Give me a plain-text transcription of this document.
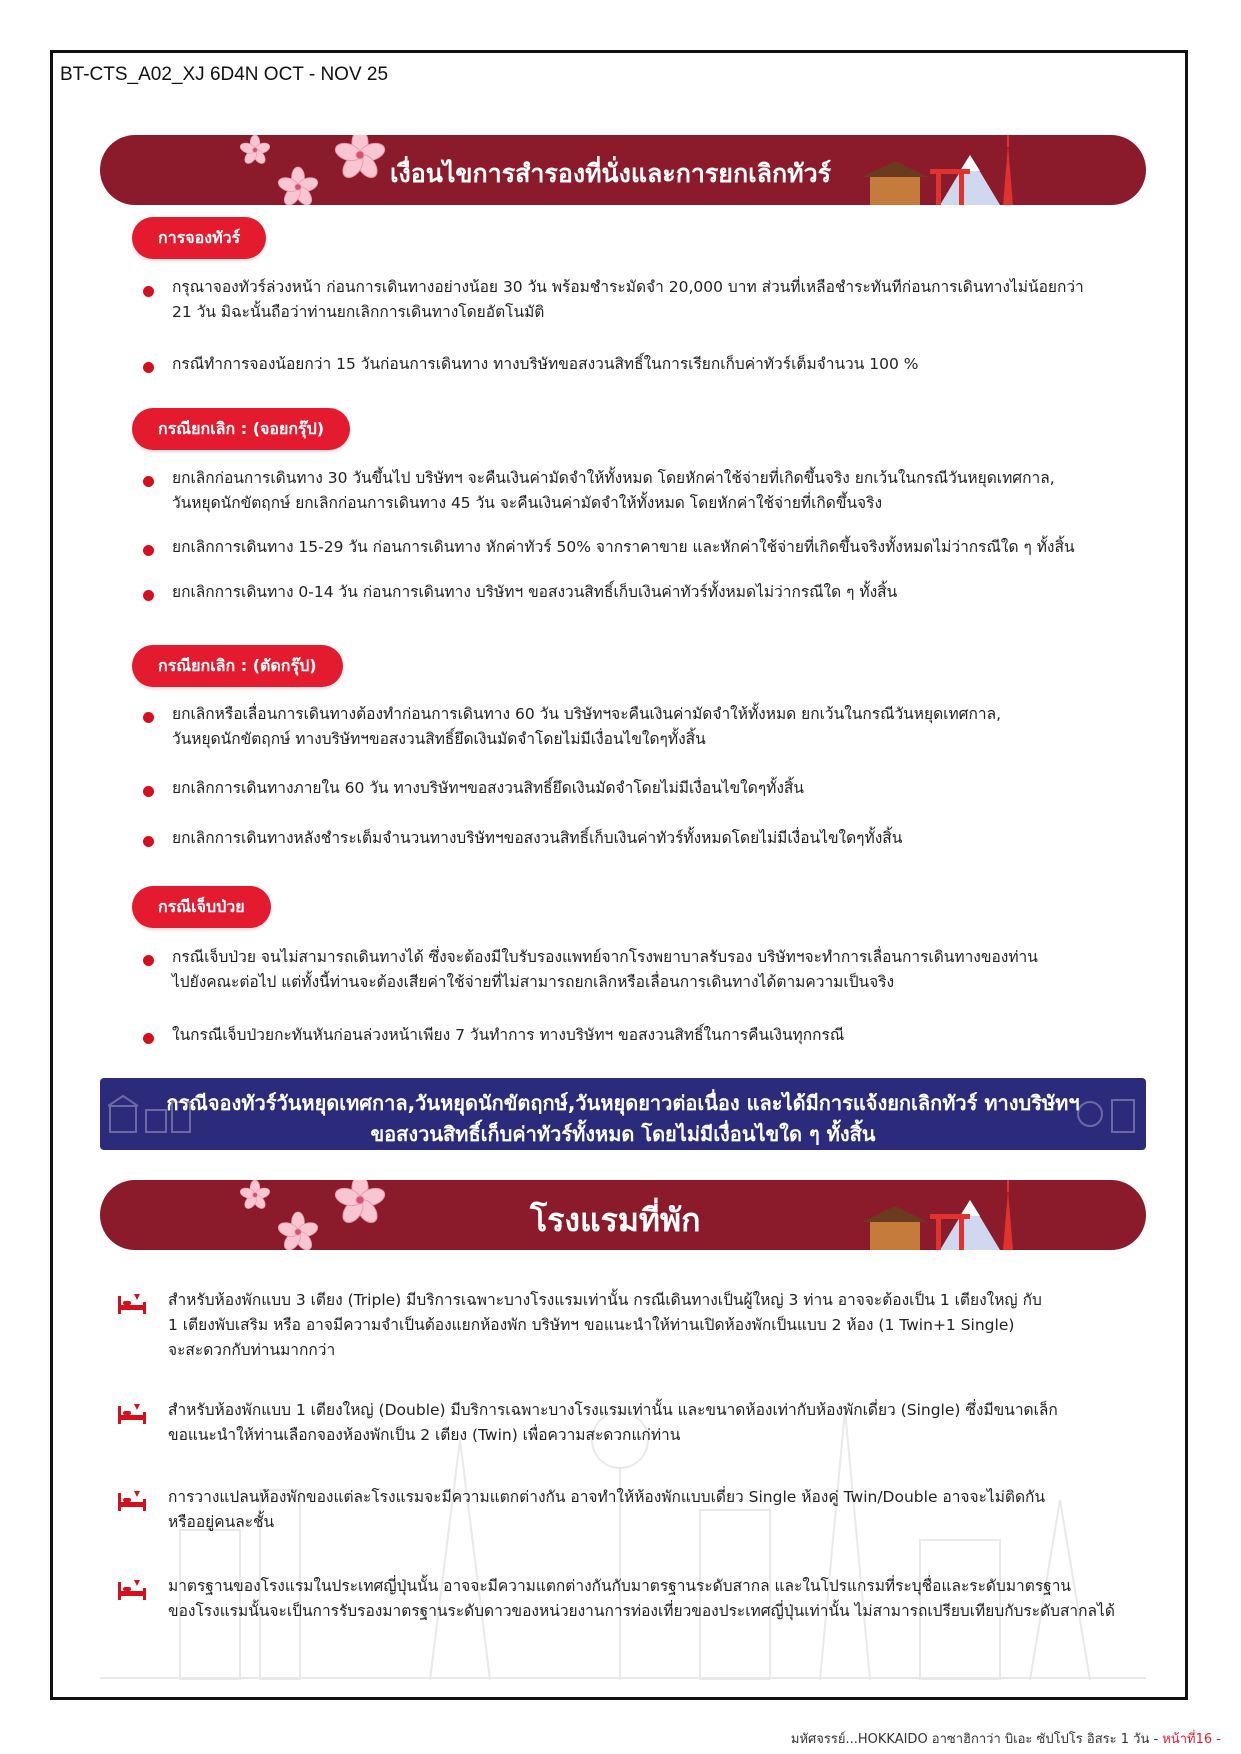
BT-CTS_A02_XJ 6D4N OCT - NOV 25
เงื่อนไขการสำรองที่นั่งและการยกเลิกทัวร์
การจองทัวร์

กรุณาจองทัวร์ล่วงหน้า ก่อนการเดินทางอย่างน้อย 30 วัน พร้อมชำระมัดจำ 20,000 บาท ส่วนที่เหลือชำระทันทีก่อนการเดินทางไม่น้อยกว่า

21 วัน มิฉะนั้นถือว่าท่านยกเลิกการเดินทางโดยอัตโนมัติ

กรณีทำการจองน้อยกว่า 15 วันก่อนการเดินทาง ทางบริษัทขอสงวนสิทธิ์ในการเรียกเก็บค่าทัวร์เต็มจำนวน 100 %

กรณียกเลิก : (จอยกรุ๊ป)

ยกเลิกก่อนการเดินทาง 30 วันขึ้นไป บริษัทฯ จะคืนเงินค่ามัดจำให้ทั้งหมด โดยหักค่าใช้จ่ายที่เกิดขึ้นจริง ยกเว้นในกรณีวันหยุดเทศกาล,

วันหยุดนักขัตฤกษ์ ยกเลิกก่อนการเดินทาง 45 วัน จะคืนเงินค่ามัดจำให้ทั้งหมด โดยหักค่าใช้จ่ายที่เกิดขึ้นจริง

ยกเลิกการเดินทาง 15-29 วัน ก่อนการเดินทาง หักค่าทัวร์ 50% จากราคาขาย และหักค่าใช้จ่ายที่เกิดขึ้นจริงทั้งหมดไม่ว่ากรณีใด ๆ ทั้งสิ้น

ยกเลิกการเดินทาง 0-14 วัน ก่อนการเดินทาง บริษัทฯ ขอสงวนสิทธิ์เก็บเงินค่าทัวร์ทั้งหมดไม่ว่ากรณีใด ๆ ทั้งสิ้น

กรณียกเลิก : (ตัดกรุ๊ป)

ยกเลิกหรือเลื่อนการเดินทางต้องทำก่อนการเดินทาง 60 วัน บริษัทฯจะคืนเงินค่ามัดจำให้ทั้งหมด ยกเว้นในกรณีวันหยุดเทศกาล,

วันหยุดนักขัตฤกษ์ ทางบริษัทฯขอสงวนสิทธิ์ยึดเงินมัดจำโดยไม่มีเงื่อนไขใดๆทั้งสิ้น

ยกเลิกการเดินทางภายใน 60 วัน ทางบริษัทฯขอสงวนสิทธิ์ยึดเงินมัดจำโดยไม่มีเงื่อนไขใดๆทั้งสิ้น

ยกเลิกการเดินทางหลังชำระเต็มจำนวนทางบริษัทฯขอสงวนสิทธิ์เก็บเงินค่าทัวร์ทั้งหมดโดยไม่มีเงื่อนไขใดๆทั้งสิ้น

กรณีเจ็บป่วย

กรณีเจ็บป่วย จนไม่สามารถเดินทางได้ ซึ่งจะต้องมีใบรับรองแพทย์จากโรงพยาบาลรับรอง บริษัทฯจะทำการเลื่อนการเดินทางของท่าน

ไปยังคณะต่อไป แต่ทั้งนี้ท่านจะต้องเสียค่าใช้จ่ายที่ไม่สามารถยกเลิกหรือเลื่อนการเดินทางได้ตามความเป็นจริง

ในกรณีเจ็บป่วยกะทันหันก่อนล่วงหน้าเพียง 7 วันทำการ ทางบริษัทฯ ขอสงวนสิทธิ์ในการคืนเงินทุกกรณี

กรณีจองทัวร์วันหยุดเทศกาล,วันหยุดนักขัตฤกษ์,วันหยุดยาวต่อเนื่อง และได้มีการแจ้งยกเลิกทัวร์ ทางบริษัทฯ
ขอสงวนสิทธิ์เก็บค่าทัวร์ทั้งหมด โดยไม่มีเงื่อนไขใด ๆ ทั้งสิ้น
โรงแรมที่พัก

สำหรับห้องพักแบบ 3 เตียง (Triple) มีบริการเฉพาะบางโรงแรมเท่านั้น กรณีเดินทางเป็นผู้ใหญ่ 3 ท่าน อาจจะต้องเป็น 1 เตียงใหญ่ กับ

1 เตียงพับเสริม หรือ อาจมีความจำเป็นต้องแยกห้องพัก บริษัทฯ ขอแนะนำให้ท่านเปิดห้องพักเป็นแบบ 2 ห้อง (1 Twin+1 Single)

จะสะดวกกับท่านมากกว่า

สำหรับห้องพักแบบ 1 เตียงใหญ่ (Double) มีบริการเฉพาะบางโรงแรมเท่านั้น และขนาดห้องเท่ากับห้องพักเดี่ยว (Single) ซึ่งมีขนาดเล็ก

ขอแนะนำให้ท่านเลือกจองห้องพักเป็น 2 เตียง (Twin) เพื่อความสะดวกแก่ท่าน

การวางแปลนห้องพักของแต่ละโรงแรมจะมีความแตกต่างกัน อาจทำให้ห้องพักแบบเดี่ยว Single ห้องคู่ Twin/Double อาจจะไม่ติดกัน

หรืออยู่คนละชั้น

มาตรฐานของโรงแรมในประเทศญี่ปุ่นนั้น อาจจะมีความแตกต่างกันกับมาตรฐานระดับสากล และในโปรแกรมที่ระบุชื่อและระดับมาตรฐาน

ของโรงแรมนั้นจะเป็นการรับรองมาตรฐานระดับดาวของหน่วยงานการท่องเที่ยวของประเทศญี่ปุ่นเท่านั้น ไม่สามารถเปรียบเทียบกับระดับสากลได้

มหัศจรรย์...HOKKAIDO อาซาฮิกาว่า บิเอะ ซัปโปโร อิสระ 1 วัน - หน้าที่16 -
